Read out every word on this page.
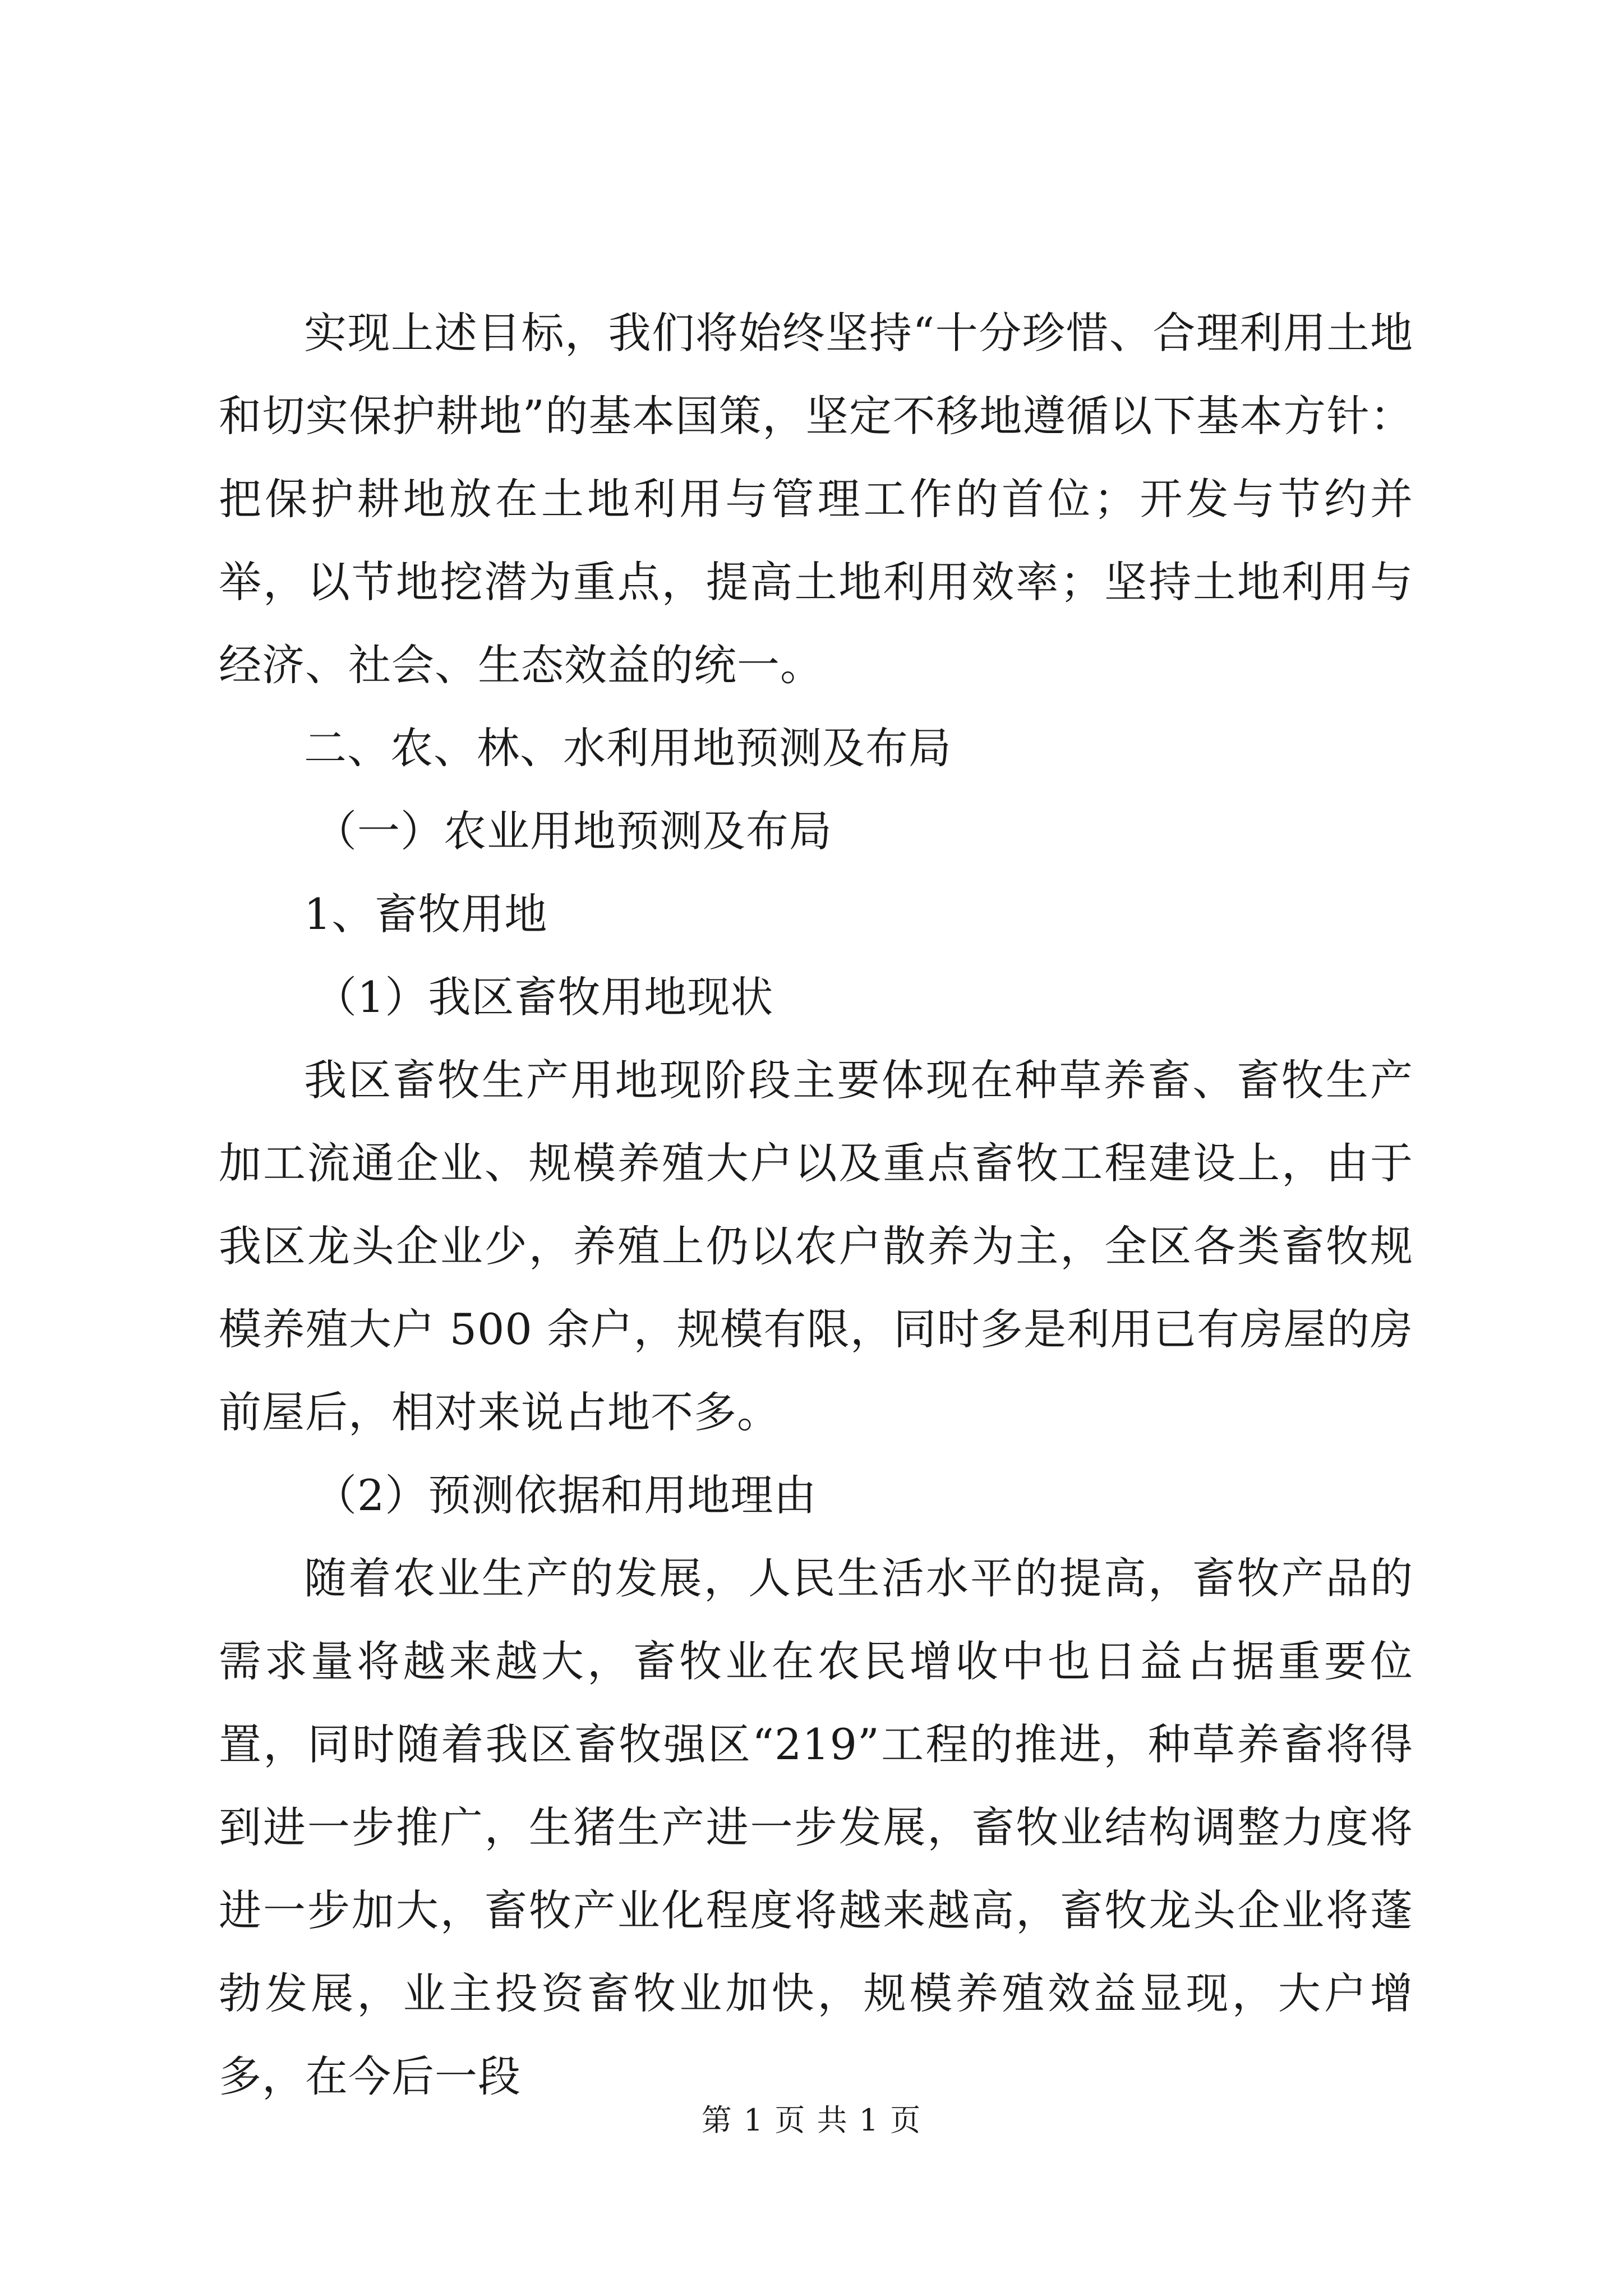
实现上述目标，我们将始终坚持“十分珍惜、合理利用土地和切实保护耕地”的基本国策，坚定不移地遵循以下基本方针：把保护耕地放在土地利用与管理工作的首位；开发与节约并举，以节地挖潜为重点，提高土地利用效率；坚持土地利用与经济、社会、生态效益的统一。

二、农、林、水利用地预测及布局

（一）农业用地预测及布局

1、畜牧用地

（1）我区畜牧用地现状

我区畜牧生产用地现阶段主要体现在种草养畜、畜牧生产加工流通企业、规模养殖大户以及重点畜牧工程建设上，由于我区龙头企业少，养殖上仍以农户散养为主，全区各类畜牧规模养殖大户 500 余户，规模有限，同时多是利用已有房屋的房前屋后，相对来说占地不多。

（2）预测依据和用地理由

随着农业生产的发展，人民生活水平的提高，畜牧产品的需求量将越来越大，畜牧业在农民增收中也日益占据重要位置，同时随着我区畜牧强区“219”工程的推进，种草养畜将得到进一步推广，生猪生产进一步发展，畜牧业结构调整力度将进一步加大，畜牧产业化程度将越来越高，畜牧龙头企业将蓬勃发展，业主投资畜牧业加快，规模养殖效益显现，大户增多，在今后一段

第 1 页 共 1 页
